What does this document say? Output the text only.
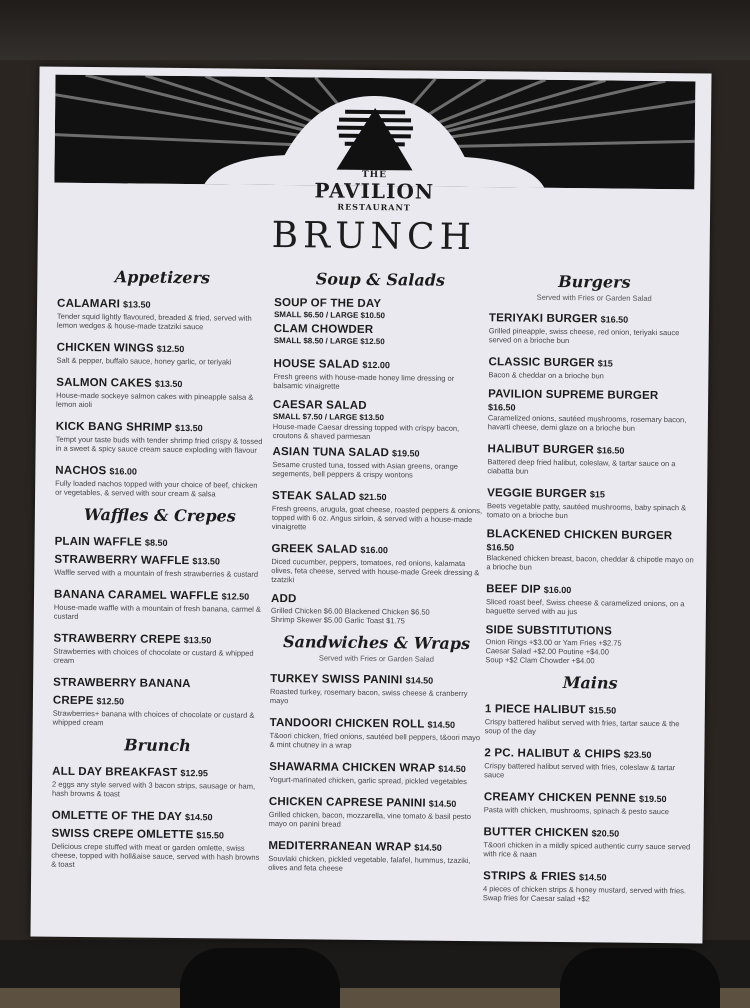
THE
PAVILION
RESTAURANT
BRUNCH
Appetizers
CALAMARI $13.50
Tender squid lightly flavoured, breaded & fried, served with lemon wedges & house-made tzatziki sauce
CHICKEN WINGS $12.50
Salt & pepper, buffalo sauce, honey garlic, or teriyaki
SALMON CAKES $13.50
House-made sockeye salmon cakes with pineapple salsa & lemon aioli
KICK BANG SHRIMP $13.50
Tempt your taste buds with tender shrimp fried crispy & tossed in a sweet & spicy sauce cream sauce exploding with flavour
NACHOS $16.00
Fully loaded nachos topped with your choice of beef, chicken or vegetables, & served with sour cream & salsa
Waffles & Crepes
PLAIN WAFFLE $8.50
STRAWBERRY WAFFLE $13.50
Waffle served with a mountain of fresh strawberries & custard
BANANA CARAMEL WAFFLE $12.50
House-made waffle with a mountain of fresh banana, carmel & custard
STRAWBERRY CREPE $13.50
Strawberries with choices of chocolate or custard & whipped cream
STRAWBERRY BANANA CREPE $12.50
Strawberries+ banana with choices of chocolate or custard & whipped cream
Brunch
ALL DAY BREAKFAST $12.95
2 eggs any style served with 3 bacon strips, sausage or ham, hash browns & toast
OMLETTE OF THE DAY $14.50
SWISS CREPE OMLETTE $15.50
Delicious crepe stuffed with meat or garden omlette, swiss cheese, topped with holl&aise sauce, served with hash browns & toast
Soup & Salads
SOUP OF THE DAY
SMALL $6.50 / LARGE $10.50
CLAM CHOWDER
SMALL $8.50 / LARGE $12.50
HOUSE SALAD $12.00
Fresh greens with house-made honey lime dressing or balsamic vinaigrette
CAESAR SALAD
SMALL $7.50 / LARGE $13.50
House-made Caesar dressing topped with crispy bacon, croutons & shaved parmesan
ASIAN TUNA SALAD $19.50
Sesame crusted tuna, tossed with Asian greens, orange segements, bell peppers & crispy wontons
STEAK SALAD $21.50
Fresh greens, arugula, goat cheese, roasted peppers & onions, topped with 6 oz. Angus sirloin, & served with a house-made vinaigrette
GREEK SALAD $16.00
Diced cucumber, peppers, tomatoes, red onions, kalamata olives, feta cheese, served with house-made Greek dressing & tzatziki
ADD
Grilled Chicken $6.00 Blackened Chicken $6.50
Shrimp Skewer $5.00 Garlic Toast $1.75
Sandwiches & Wraps
Served with Fries or Garden Salad
TURKEY SWISS PANINI $14.50
Roasted turkey, rosemary bacon, swiss cheese & cranberry mayo
TANDOORI CHICKEN ROLL $14.50
T&oori chicken, fried onions, sautéed bell peppers, t&oori mayo & mint chutney in a wrap
SHAWARMA CHICKEN WRAP $14.50
Yogurt-marinated chicken, garlic spread, pickled vegetables
CHICKEN CAPRESE PANINI $14.50
Grilled chicken, bacon, mozzarella, vine tomato & basil pesto mayo on panini bread
MEDITERRANEAN WRAP $14.50
Souvlaki chicken, pickled vegetable, falafel, hummus, tzaziki, olives and feta cheese
Burgers
Served with Fries or Garden Salad
TERIYAKI BURGER $16.50
Grilled pineapple, swiss cheese, red onion, teriyaki sauce served on a brioche bun
CLASSIC BURGER $15
Bacon & cheddar on a brioche bun
PAVILION SUPREME BURGER
$16.50
Caramelized onions, sautéed mushrooms, rosemary bacon, havarti cheese, demi glaze on a brioche bun
HALIBUT BURGER $16.50
Battered deep fried halibut, coleslaw, & tartar sauce on a ciabatta bun
VEGGIE BURGER $15
Beets vegetable patty, sautéed mushrooms, baby spinach & tomato on a brioche bun
BLACKENED CHICKEN BURGER
$16.50
Blackened chicken breast, bacon, cheddar & chipotle mayo on a brioche bun
BEEF DIP $16.00
Sliced roast beef, Swiss cheese & caramelized onions, on a baguette served with au jus
SIDE SUBSTITUTIONS
Onion Rings +$3.00 or Yam Fries +$2.75
Caesar Salad +$2.00 Poutine +$4.00
Soup +$2 Clam Chowder +$4.00
Mains
1 PIECE HALIBUT $15.50
Crispy battered halibut served with fries, tartar sauce & the soup of the day
2 PC. HALIBUT & CHIPS $23.50
Crispy battered halibut served with fries, coleslaw & tartar sauce
CREAMY CHICKEN PENNE $19.50
Pasta with chicken, mushrooms, spinach & pesto sauce
BUTTER CHICKEN $20.50
T&oori chicken in a mildly spiced authentic curry sauce served with rice & naan
STRIPS & FRIES $14.50
4 pieces of chicken strips & honey mustard, served with fries. Swap fries for Caesar salad +$2
